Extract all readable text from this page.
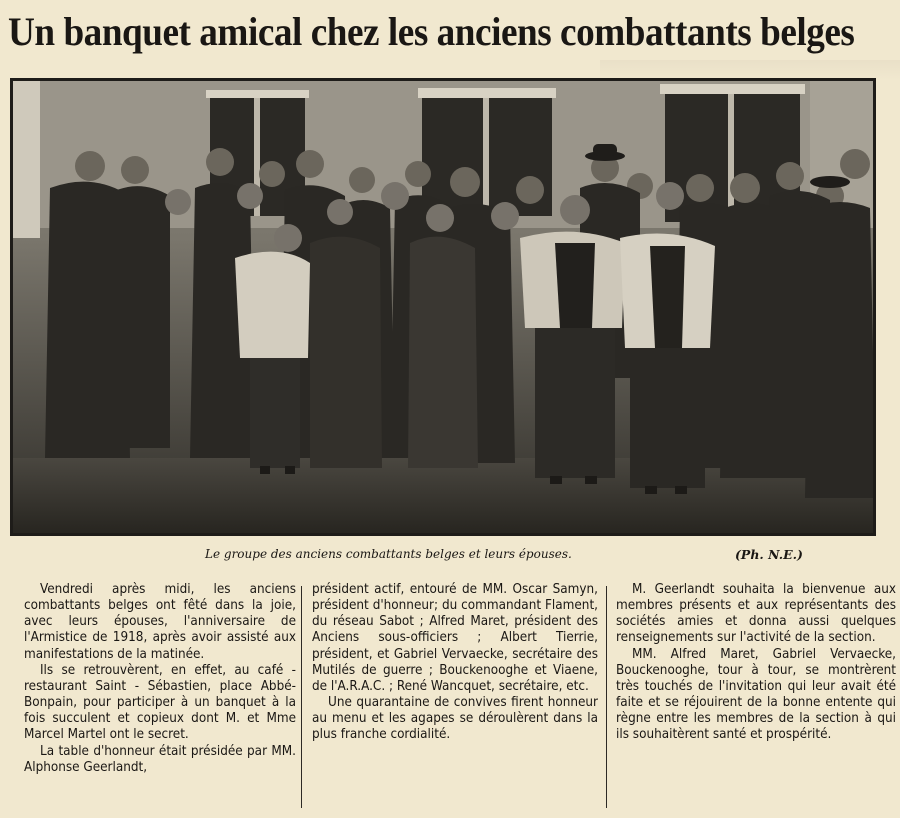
Un banquet amical chez les anciens combattants belges
Le groupe des anciens combattants belges et leurs épouses.	(Ph. N.E.)

Vendredi après midi, les anciens combattants belges ont fêté dans la joie, avec leurs épouses, l'anniversaire de l'Armistice de 1918, après avoir assisté aux manifestations de la matinée.

Ils se retrouvèrent, en effet, au café - restaurant Saint - Sébastien, place Abbé-Bonpain, pour participer à un banquet à la fois succulent et copieux dont M. et Mme Marcel Martel ont le secret.

La table d'honneur était présidée par MM. Alphonse Geerlandt,

président actif, entouré de MM. Oscar Samyn, président d'honneur; du commandant Flament, du réseau Sabot ; Alfred Maret, président des Anciens sous-officiers ; Albert Tierrie, président, et Gabriel Vervaecke, secrétaire des Mutilés de guerre ; Bouckenooghe et Viaene, de l'A.R.A.C. ; René Wancquet, secrétaire, etc.

Une quarantaine de convives firent honneur au menu et les agapes se déroulèrent dans la plus franche cordialité.

M. Geerlandt souhaita la bienvenue aux membres présents et aux représentants des sociétés amies et donna aussi quelques renseignements sur l'activité de la section.

MM. Alfred Maret, Gabriel Vervaecke, Bouckenooghe, tour à tour, se montrèrent très touchés de l'invitation qui leur avait été faite et se réjouirent de la bonne entente qui règne entre les membres de la section à qui ils souhaitèrent santé et prospérité.
